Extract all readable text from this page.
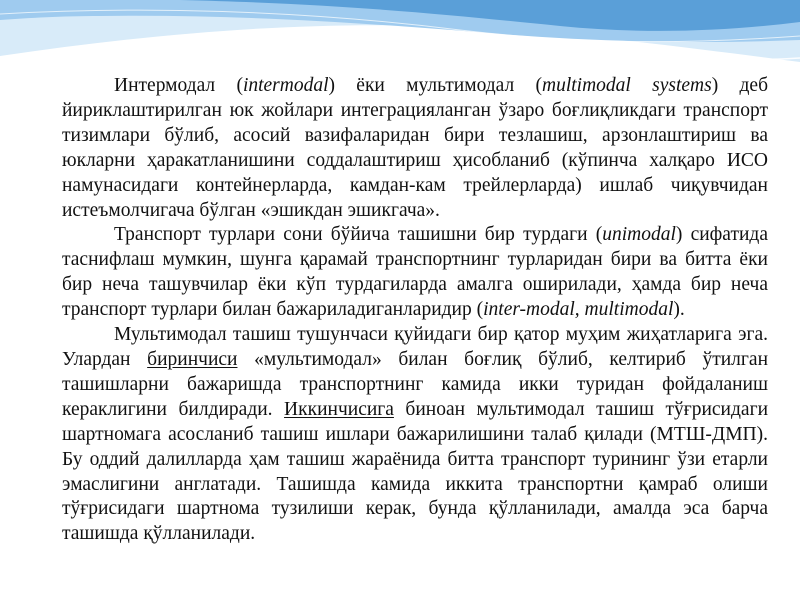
Интермодал (intermodal) ёки мультимодал (multimodal systems) деб йириклаштирилган юк жойлари интеграцияланган ўзаро боғлиқликдаги транспорт тизимлари бўлиб, асосий вазифаларидан бири тезлашиш, арзонлаштириш ва юкларни ҳаракатланишини соддалаштириш ҳисобланиб (кўпинча халқаро ИСО намунасидаги контейнерларда, камдан-кам трейлерларда) ишлаб чиқувчидан истеъмолчигача бўлган «эшикдан эшикгача».

Транспорт турлари сони бўйича ташишни бир турдаги (unimodal) сифатида таснифлаш мумкин, шунга қарамай транспортнинг турларидан бири ва битта ёки бир неча ташувчилар ёки кўп турдагиларда амалга оширилади, ҳамда бир неча транспорт турлари билан бажариладиганларидир (inter-modal, multimodal).

Мультимодал ташиш тушунчаси қуйидаги бир қатор муҳим жиҳатларига эга. Улардан биринчиси «мультимодал» билан боғлиқ бўлиб, келтириб ўтилган ташишларни бажаришда транспортнинг камида икки туридан фойдаланиш кераклигини билдиради. Иккинчисига биноан мультимодал ташиш тўғрисидаги шартномага асосланиб ташиш ишлари бажарилишини талаб қилади (МТШ-ДМП). Бу оддий далилларда ҳам ташиш жараёнида битта транспорт турининг ўзи етарли эмаслигини англатади. Ташишда камида иккита транспортни қамраб олиши тўғрисидаги шартнома тузилиши керак, бунда қўлланилади, амалда эса барча ташишда қўлланилади.
